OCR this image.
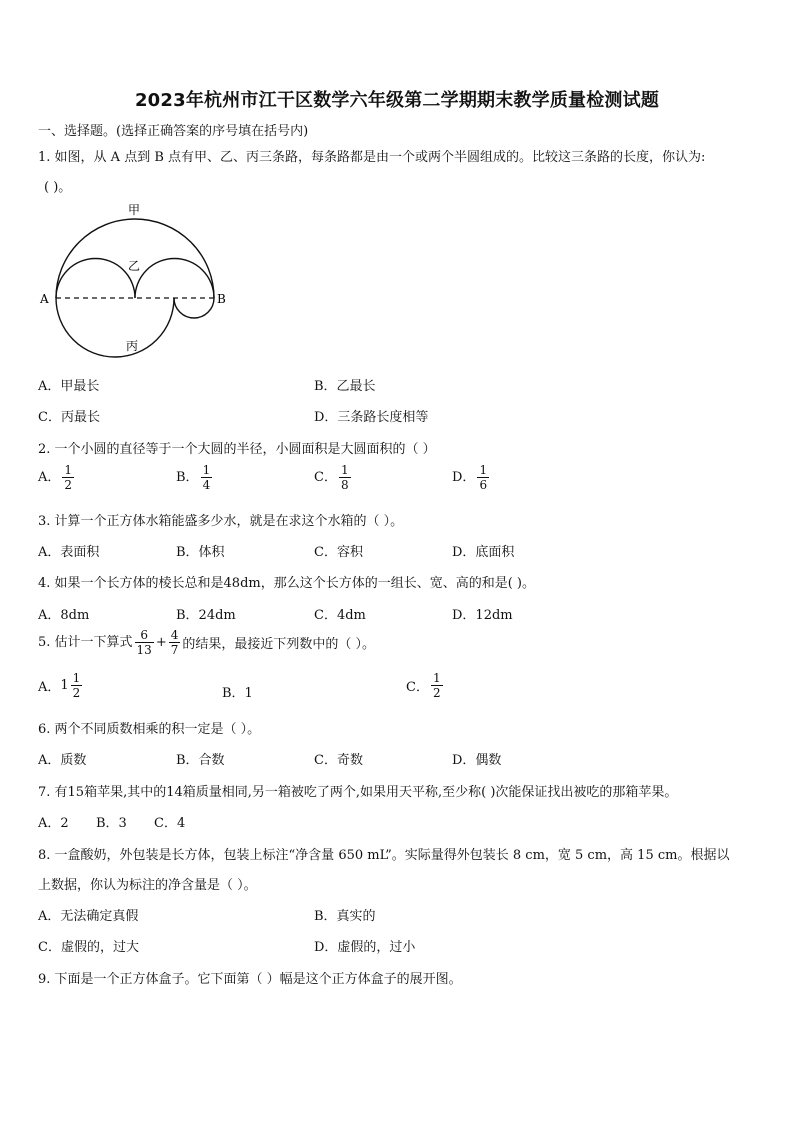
2023年杭州市江干区数学六年级第二学期期末教学质量检测试题
一、选择题。(选择正确答案的序号填在括号内)
1. 如图，从 A 点到 B 点有甲、乙、丙三条路，每条路都是由一个或两个半圆组成的。比较这三条路的长度，你认为:
( )。
甲
乙
丙
A	B
A．甲最长	B．乙最长
C．丙最长	D．三条路长度相等
2. 一个小圆的直径等于一个大圆的半径，小圆面积是大圆面积的（ ）
A． $\frac{1}{2}$	B． $\frac{1}{4}$	C． $\frac{1}{8}$	D． $\frac{1}{6}$
3. 计算一个正方体水箱能盛多少水，就是在求这个水箱的（ ）。
A．表面积	B．体积	C．容积	D．底面积
4. 如果一个长方体的棱长总和是48dm，那么这个长方体的一组长、宽、高的和是( )。
A．8dm	B．24dm	C．4dm	D．12dm
5. 估计一下算式 $\frac{6}{13} + \frac{4}{7}$ 的结果，最接近下列数中的（ ）。
A．$1 \frac{1}{2}$	B．1	C． $\frac{1}{2}$
6. 两个不同质数相乘的积一定是（ ）。
A．质数	B．合数	C．奇数	D．偶数
7. 有15箱苹果,其中的14箱质量相同,另一箱被吃了两个,如果用天平称,至少称( )次能保证找出被吃的那箱苹果。
A．2 B．3 C．4
8. 一盒酸奶，外包装是长方体，包装上标注“净含量 650 mL”。实际量得外包装长 8 cm，宽 5 cm，高 15 cm。根据以
上数据，你认为标注的净含量是（ ）。
A．无法确定真假	B．真实的
C．虚假的，过大	D．虚假的，过小
9. 下面是一个正方体盒子。它下面第（ ）幅是这个正方体盒子的展开图。
